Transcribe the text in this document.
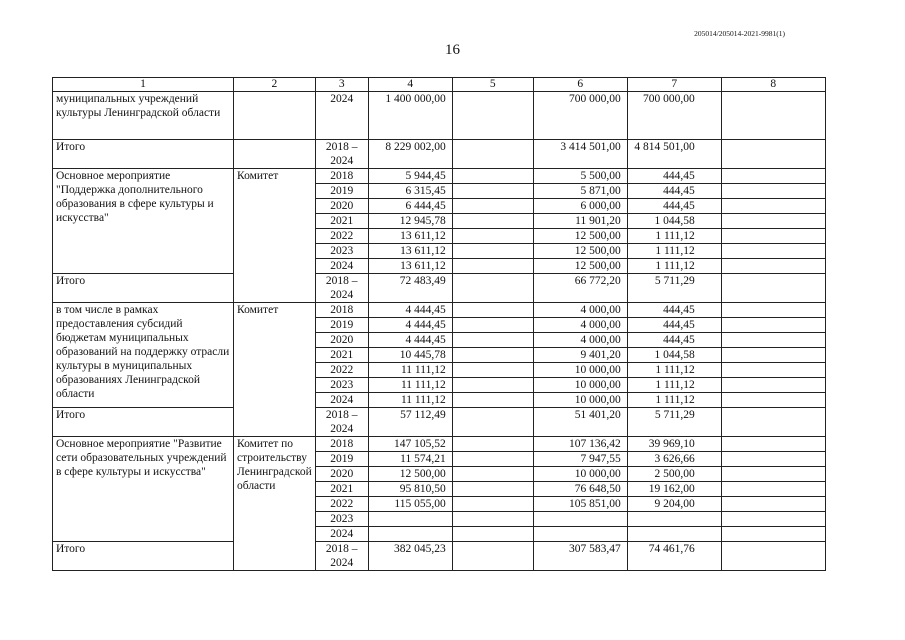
205014/205014-2021-9981(1)
16
1	2	3	4	5	6	7	8
муниципальных учреждений культуры Ленинградской области		2024	1 400 000,00		700 000,00	700 000,00	
Итого		2018 – 2024	8 229 002,00		3 414 501,00	4 814 501,00	
Основное мероприятие "Поддержка дополнительного образования в сфере культуры и искусства"	Комитет	2018	5 944,45		5 500,00	444,45	
		2019	6 315,45		5 871,00	444,45	
		2020	6 444,45		6 000,00	444,45	
		2021	12 945,78		11 901,20	1 044,58	
		2022	13 611,12		12 500,00	1 111,12	
		2023	13 611,12		12 500,00	1 111,12	
		2024	13 611,12		12 500,00	1 111,12	
Итого		2018 – 2024	72 483,49		66 772,20	5 711,29	
в том числе в рамках предоставления субсидий бюджетам муниципальных образований на поддержку отрасли культуры в муниципальных образованиях Ленинградской области	Комитет	2018	4 444,45		4 000,00	444,45	
		2019	4 444,45		4 000,00	444,45	
		2020	4 444,45		4 000,00	444,45	
		2021	10 445,78		9 401,20	1 044,58	
		2022	11 111,12		10 000,00	1 111,12	
		2023	11 111,12		10 000,00	1 111,12	
		2024	11 111,12		10 000,00	1 111,12	
Итого		2018 – 2024	57 112,49		51 401,20	5 711,29	
Основное мероприятие "Развитие сети образовательных учреждений в сфере культуры и искусства"	Комитет по строительству Ленинградской области	2018	147 105,52		107 136,42	39 969,10	
		2019	11 574,21		7 947,55	3 626,66	
		2020	12 500,00		10 000,00	2 500,00	
		2021	95 810,50		76 648,50	19 162,00	
		2022	115 055,00		105 851,00	9 204,00	
		2023					
		2024					
Итого		2018 – 2024	382 045,23		307 583,47	74 461,76	
